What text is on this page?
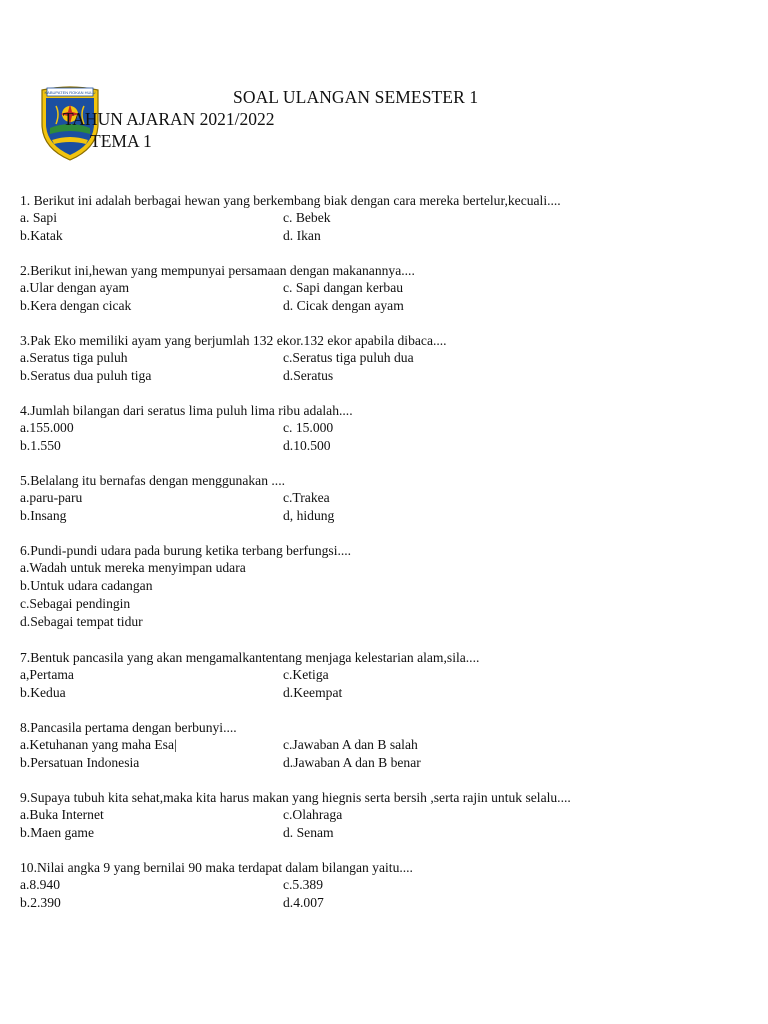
KABUPATEN ROKAN HULU	SOAL ULANGAN SEMESTER 1
TAHUN AJARAN 2021/2022
TEMA 1
1. Berikut ini adalah berbagai hewan yang berkembang biak dengan cara mereka bertelur,kecuali....
a. Sapi	c. Bebek
b.Katak	d. Ikan
2.Berikut ini,hewan yang mempunyai persamaan dengan makanannya....
a.Ular dengan ayam	c. Sapi dangan kerbau
b.Kera dengan cicak	d. Cicak dengan ayam
3.Pak Eko memiliki ayam yang berjumlah 132 ekor.132 ekor apabila dibaca....
a.Seratus tiga puluh	c.Seratus tiga puluh dua
b.Seratus dua puluh tiga	d.Seratus
4.Jumlah bilangan dari seratus lima puluh lima ribu adalah....
a.155.000	c. 15.000
b.1.550	d.10.500
5.Belalang itu bernafas dengan menggunakan ....
a.paru-paru	c.Trakea
b.Insang	d, hidung
6.Pundi-pundi udara pada burung ketika terbang berfungsi....
a.Wadah untuk mereka menyimpan udara
b.Untuk udara cadangan
c.Sebagai pendingin
d.Sebagai tempat tidur
7.Bentuk pancasila yang akan mengamalkantentang menjaga kelestarian alam,sila....
a,Pertama	c.Ketiga
b.Kedua	d.Keempat
8.Pancasila pertama dengan berbunyi....
a.Ketuhanan yang maha Esa|	c.Jawaban A dan B salah
b.Persatuan Indonesia	d.Jawaban A dan B benar
9.Supaya tubuh kita sehat,maka kita harus makan yang hiegnis serta bersih ,serta rajin untuk selalu....
a.Buka Internet	c.Olahraga
b.Maen game	d. Senam
10.Nilai angka 9 yang bernilai 90 maka terdapat dalam bilangan yaitu....
a.8.940	c.5.389
b.2.390	d.4.007
